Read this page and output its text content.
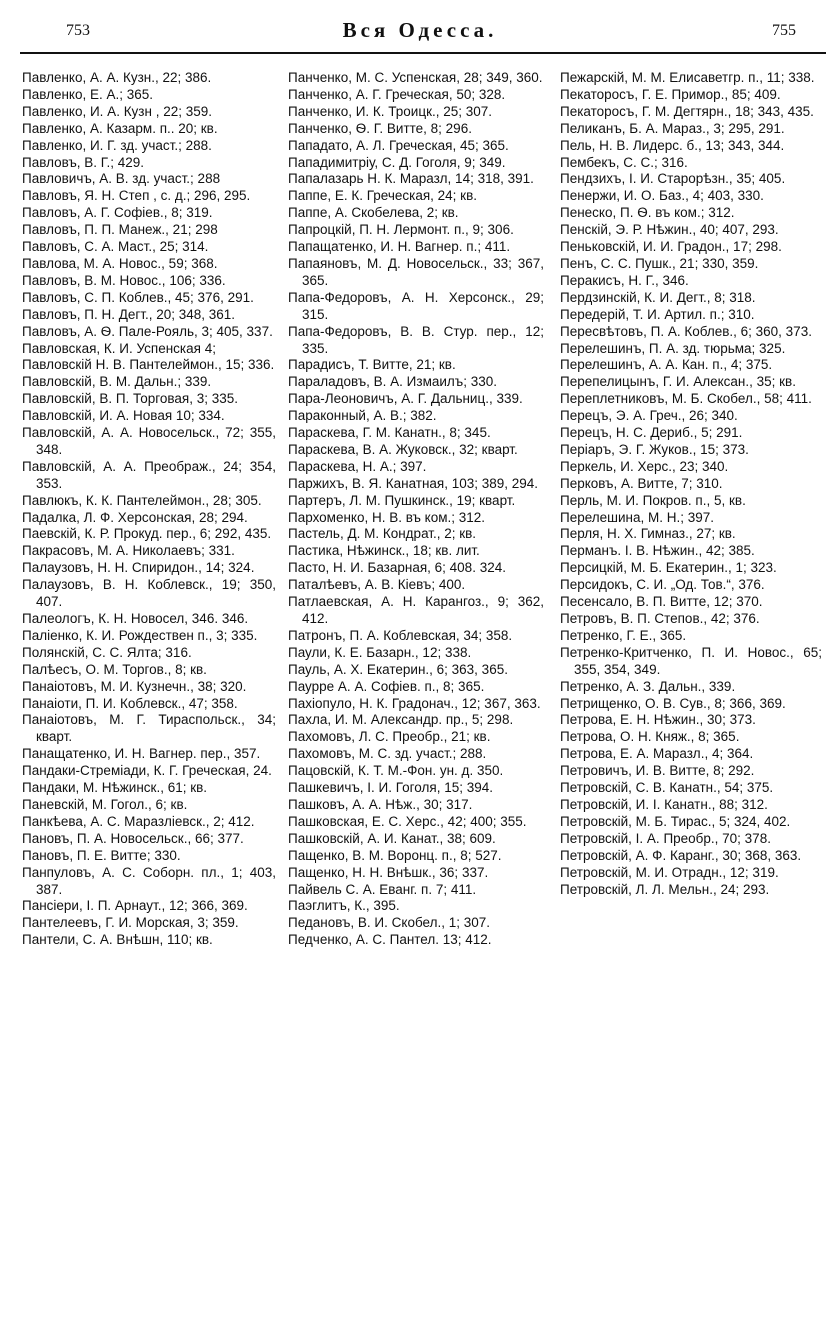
753	Вся Одесса.	755
Павленко, А. А. Кузн., 22; 386.
Павленко, Е. А.; 365.
Павленко, И. А. Кузн , 22; 359.
Павленко, А. Казарм. п.. 20; кв.
Павленко, И. Г. зд. участ.; 288.
Павловъ, В. Г.; 429.
Павловичъ, А. В. зд. участ.; 288
Павловъ, Я. Н. Степ , с. д.; 296, 295.
Павловъ, А. Г. Софіев., 8; 319.
Павловъ, П. П. Манеж., 21; 298
Павловъ, С. А. Маст., 25; 314.
Павлова, М. А. Новос., 59; 368.
Павловъ, В. М. Новос., 106; 336.
Павловъ, С. П. Коблев., 45; 376, 291.
Павловъ, П. Н. Дегт., 20; 348, 361.
Павловъ, А. Ѳ. Пале-Рояль, 3; 405, 337.
Павловская, К. И. Успенская 4;
Павловскій Н. В. Пантелеймон., 15; 336.
Павловскій, В. М. Дальн.; 339.
Павловскій, В. П. Торговая, 3; 335.
Павловскій, И. А. Новая 10; 334.
Павловскій, А. А. Новосельск., 72; 355, 348.
Павловскій, А. А. Преображ., 24; 354, 353.
Павлюкъ, К. К. Пантелеймон., 28; 305.
Падалка, Л. Ф. Херсонская, 28; 294.
Паевскій, К. Р. Прокуд. пер., 6; 292, 435.
Пакрасовъ, М. А. Николаевъ; 331.
Палаузовъ, Н. Н. Спиридон., 14; 324.
Палаузовъ, В. Н. Коблевск., 19; 350, 407.
Палеологъ, К. Н. Новосел, 346. 346.
Паліенко, К. И. Рождествен п., 3; 335.
Полянскій, С. С. Ялта; 316.
Палѣесъ, О. М. Торгов., 8; кв.
Панаіотовъ, М. И. Кузнечн., 38; 320.
Панаіоти, П. И. Коблевск., 47; 358.
Панаіотовъ, М. Г. Тираспольск., 34; кварт.
Панащатенко, И. Н. Вагнер. пер., 357.
Пандаки-Стреміади, К. Г. Греческая, 24.
Пандаки, М. Нѣжинск., 61; кв.
Паневскій, М. Гогол., 6; кв.
Панкѣева, А. С. Маразліевск., 2; 412.
Пановъ, П. А. Новосельск., 66; 377.
Пановъ, П. Е. Витте; 330.
Панпуловъ, А. С. Соборн. пл., 1; 403, 387.
Пансіери, І. П. Арнаут., 12; 366, 369.
Пантелеевъ, Г. И. Морская, 3; 359.
Пантели, С. А. Внѣшн, 110; кв.
Панченко, М. С. Успенская, 28; 349, 360.
Панченко, А. Г. Греческая, 50; 328.
Панченко, И. К. Троицк., 25; 307.
Панченко, Ѳ. Г. Витте, 8; 296.
Пападато, А. Л. Греческая, 45; 365.
Пападимитріу, С. Д. Гоголя, 9; 349.
Папалазарь Н. К. Маразл, 14; 318, 391.
Паппе, Е. К. Греческая, 24; кв.
Паппе, А. Скобелева, 2; кв.
Папроцкій, П. Н. Лермонт. п., 9; 306.
Папащатенко, И. Н. Вагнер. п.; 411.
Папаяновъ, М. Д. Новосельск., 33; 367, 365.
Папа-Федоровъ, А. Н. Херсонск., 29; 315.
Папа-Федоровъ, В. В. Стур. пер., 12; 335.
Парадисъ, Т. Витте, 21; кв.
Параладовъ, В. А. Измаилъ; 330.
Пара-Леоновичъ, А. Г. Дальниц., 339.
Параконный, А. В.; 382.
Параскева, Г. М. Канатн., 8; 345.
Параскева, В. А. Жуковск., 32; кварт.
Параскева, Н. А.; 397.
Паржихъ, В. Я. Канатная, 103; 389, 294.
Партеръ, Л. М. Пушкинск., 19; кварт.
Пархоменко, Н. В. въ ком.; 312.
Пастель, Д. М. Кондрат., 2; кв.
Пастика, Нѣжинск., 18; кв. лит.
Пасто, Н. И. Базарная, 6; 408. 324.
Паталѣевъ, А. В. Кіевъ; 400.
Патлаевская, А. Н. Карангоз., 9; 362, 412.
Патронъ, П. А. Коблевская, 34; 358.
Паули, К. Е. Базарн., 12; 338.
Пауль, А. Х. Екатерин., 6; 363, 365.
Паурре А. А. Софіев. п., 8; 365.
Пахіопуло, Н. К. Градонач., 12; 367, 363.
Пахла, И. М. Александр. пр., 5; 298.
Пахомовъ, Л. С. Преобр., 21; кв.
Пахомовъ, М. С. зд. участ.; 288.
Пацовскій, К. Т. М.-Фон. ун. д. 350.
Пашкевичъ, І. И. Гоголя, 15; 394.
Пашковъ, А. А. Нѣж., 30; 317.
Пашковская, Е. С. Херс., 42; 400; 355.
Пашковскій, А. И. Канат., 38; 609.
Пащенко, В. М. Воронц. п., 8; 527.
Пащенко, Н. Н. Внѣшк., 36; 337.
Пайвель С. А. Еванг. п. 7; 411.
Паэглитъ, К., 395.
Педановъ, В. И. Скобел., 1; 307.
Педченко, А. С. Пантел. 13; 412.
Пежарскій, М. М. Елисаветгр. п., 11; 338.
Пекатороcъ, Г. Е. Примор., 85; 409.
Пекатороcъ, Г. М. Дегтярн., 18; 343, 435.
Пеликанъ, Б. А. Мараз., 3; 295, 291.
Пель, Н. В. Лидерс. б., 13; 343, 344.
Пембекъ, С. С.; 316.
Пендзихъ, І. И. Старорѣзн., 35; 405.
Пенержи, И. О. Баз., 4; 403, 330.
Пенеско, П. Ѳ. въ ком.; 312.
Пенскій, Э. Р. Нѣжин., 40; 407, 293.
Пеньковскій, И. И. Градон., 17; 298.
Пенъ, С. С. Пушк., 21; 330, 359.
Перакисъ, Н. Г., 346.
Пердзинскій, К. И. Дегт., 8; 318.
Передерій, Т. И. Артил. п.; 310.
Пересвѣтовъ, П. А. Коблев., 6; 360, 373.
Перелешинъ, П. А. зд. тюрьма; 325.
Перелешинъ, А. А. Кан. п., 4; 375.
Перепелицынъ, Г. И. Алексан., 35; кв.
Переплетниковъ, М. Б. Скобел., 58; 411.
Перецъ, Э. А. Греч., 26; 340.
Перецъ, Н. С. Дериб., 5; 291.
Періаръ, Э. Г. Жуков., 15; 373.
Перкель, И. Херс., 23; 340.
Перковъ, А. Витте, 7; 310.
Перль, М. И. Покров. п., 5, кв.
Перелешина, М. Н.; 397.
Перля, Н. Х. Гимназ., 27; кв.
Перманъ. І. В. Нѣжин., 42; 385.
Персицкій, М. Б. Екатерин., 1; 323.
Персидокъ, С. И. „Од. Тов.“, 376.
Песенсало, В. П. Витте, 12; 370.
Петровъ, В. П. Степов., 42; 376.
Петренко, Г. Е., 365.
Петренко-Критченко, П. И. Новос., 65; 355, 354, 349.
Петренко, А. З. Дальн., 339.
Петрищенко, О. В. Сув., 8; 366, 369.
Петрова, Е. Н. Нѣжин., 30; 373.
Петрова, О. Н. Княж., 8; 365.
Петрова, Е. А. Маразл., 4; 364.
Петровичъ, И. В. Витте, 8; 292.
Петровскій, С. В. Канатн., 54; 375.
Петровскій, И. І. Канатн., 88; 312.
Петровскій, М. Б. Тирас., 5; 324, 402.
Петровскій, І. А. Преобр., 70; 378.
Петровскій, А. Ф. Каранг., 30; 368, 363.
Петровскій, М. И. Отрадн., 12; 319.
Петровскій, Л. Л. Мельн., 24; 293.
